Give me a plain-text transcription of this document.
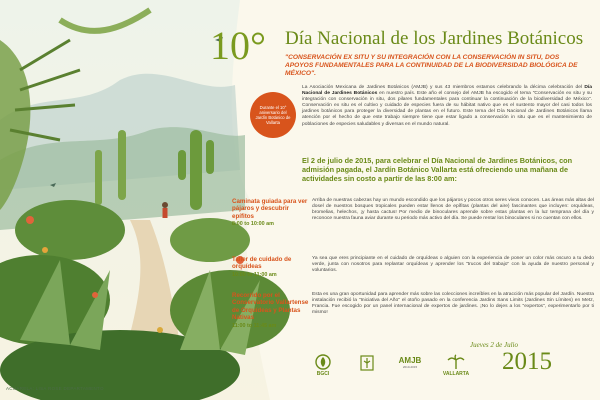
ACUARELA: LISA ROSE DEPARTAMENTO
Durante el 10° aniversario del Jardín Botánico de Vallarta
10° Día Nacional de los Jardines Botánicos
"CONSERVACIÓN EX SITU Y SU INTEGRACIÓN CON LA CONSERVACIÓN IN SITU, DOS APOYOS FUNDAMENTALES PARA LA CONTINUIDAD DE LA BIODIVERSIDAD BIOLÓGICA DE MÉXICO".
La Asociación Mexicana de Jardines Botánicos (AMJB) y sus 43 miembros estamos celebrando la décima celebración del Día Nacional de Jardines Botánicos en nuestro país. Este año el consejo del AMJB ha escogido el tema "Conservación ex situ y su integración con conservación in situ, dos pilares fundamentales para continuar la continuación de la biodiversidad de México". Conservación ex situ es el cultivo y cuidado de especies fuera de su hábitat nativo que es el sustento mayor del casi todos los jardines botánicos para proteger la diversidad de plantas en el futuro. Este tema del Día Nacional de Jardines Botánicos llama atención por el hecho de que este trabajo siempre tiene que estar ligado a conservación in situ que es el mantenimiento de poblaciones de especies saludables y diversas en el mundo natural.
El 2 de julio de 2015, para celebrar el Día Nacional de Jardines Botánicos, con admisión pagada, el Jardín Botánico Vallarta está ofreciendo una mañana de actividades sin costo a partir de las 8:00 am:
Caminata guiada para ver pájaros y descubrir epífitos
8:00 to 10:00 am
Arriba de nuestras cabezas hay un mundo escondido que los pájaros y pocos otros seres vivos conocen. Las áreas más altas del dosel de nuestros bosques tropicales pueden estar llenos de epífitas (plantas del aire) fascinantes que incluyen: orquídeas, bromelias, helechos, ¡y hasta cactus! Por medio de binoculares aprende sobre estas plantas en la luz temprana del día y reconoce nuestra fauna aviar durante su periodo más activo del día. Se puede rentar los binoculares si no cuentan con ellos.
Taller de cuidado de orquídeas
10:00 to 11:00 am
Ya sea que eres principiante en el cuidado de orquídeas o alguien con la experiencia de poner un color más oscuro a tu dedo verde, junta con nosotros para replantar orquídeas y aprender los "trucos del trabajo" con la ayuda de nuestro personal y voluntarios.
Recorrido por el Conservatorio Vallartense de Orquídeas y Plantas Nativas
11:00 to 11:45 am
Esta es una gran oportunidad para aprender más sobre las colecciones increíbles en la atracción más popular del Jardín. Nuestra instalación recibió la "Iniciativa del Año" el otoño pasado en la conferencia Jardins Sans Limits (Jardines Sin Límites) en Metz, Francia. Fue escogido por un panel internacional de expertos de jardines. ¡No lo dejes a los "expertos", experimentarlo por ti mismo!
Jueves 2 de Julio
2015
BGCI
AMJB
2010-2015
VALLARTA
